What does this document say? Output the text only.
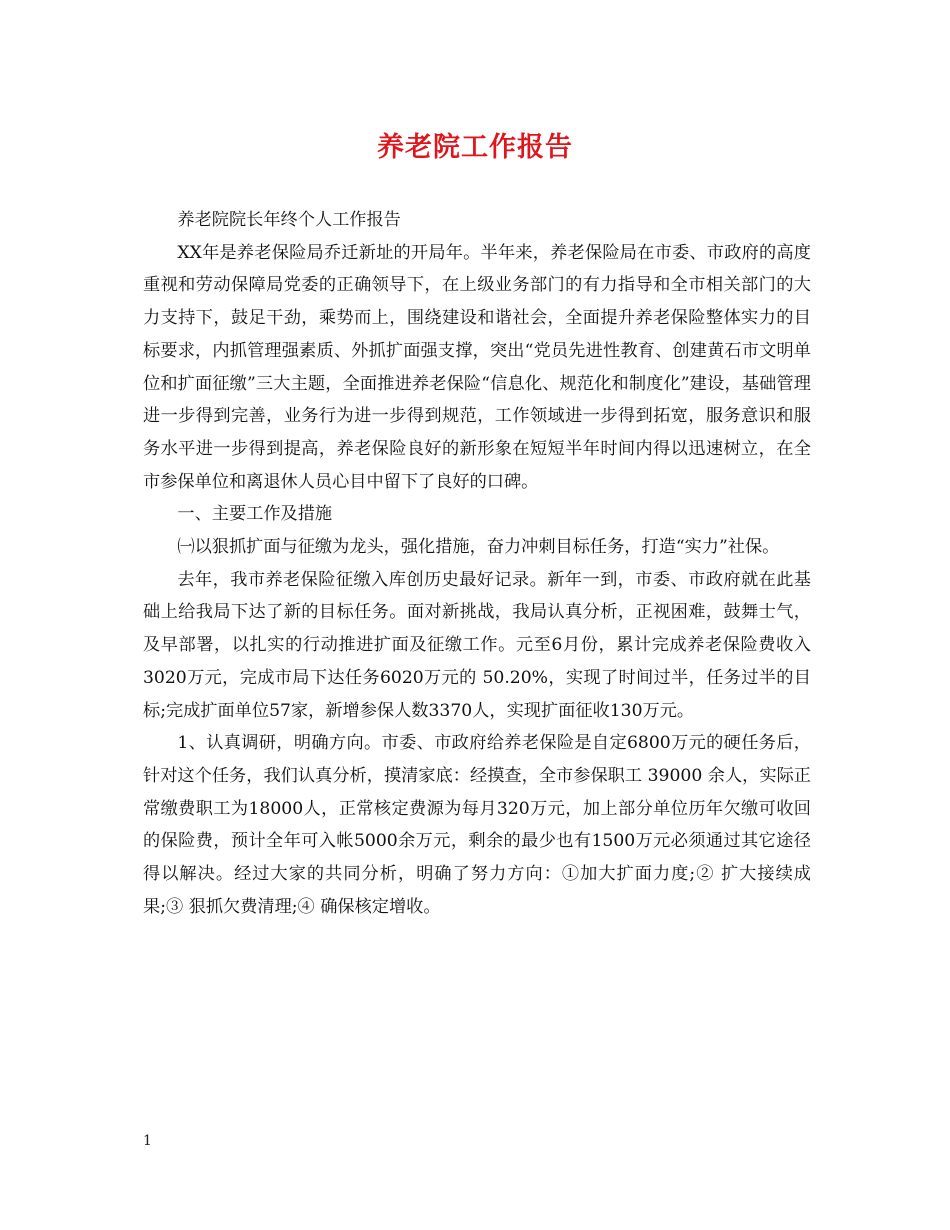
养老院工作报告

养老院院长年终个人工作报告

XX年是养老保险局乔迁新址的开局年。半年来，养老保险局在市委、市政府的高度重视和劳动保障局党委的正确领导下，在上级业务部门的有力指导和全市相关部门的大力支持下，鼓足干劲，乘势而上，围绕建设和谐社会，全面提升养老保险整体实力的目标要求，内抓管理强素质、外抓扩面强支撑，突出“党员先进性教育、创建黄石市文明单位和扩面征缴”三大主题，全面推进养老保险“信息化、规范化和制度化”建设，基础管理进一步得到完善，业务行为进一步得到规范，工作领域进一步得到拓宽，服务意识和服务水平进一步得到提高，养老保险良好的新形象在短短半年时间内得以迅速树立，在全市参保单位和离退休人员心目中留下了良好的口碑。

一、主要工作及措施

㈠以狠抓扩面与征缴为龙头，强化措施，奋力冲刺目标任务，打造“实力”社保。

去年，我市养老保险征缴入库创历史最好记录。新年一到，市委、市政府就在此基础上给我局下达了新的目标任务。面对新挑战，我局认真分析，正视困难，鼓舞士气，及早部署，以扎实的行动推进扩面及征缴工作。元至6月份，累计完成养老保险费收入3020万元，完成市局下达任务6020万元的 50.20%，实现了时间过半，任务过半的目标;完成扩面单位57家，新增参保人数3370人，实现扩面征收130万元。

1、认真调研，明确方向。市委、市政府给养老保险是自定6800万元的硬任务后，针对这个任务，我们认真分析，摸清家底：经摸查，全市参保职工 39000 余人，实际正常缴费职工为18000人，正常核定费源为每月320万元，加上部分单位历年欠缴可收回的保险费，预计全年可入帐5000余万元，剩余的最少也有1500万元必须通过其它途径得以解决。经过大家的共同分析，明确了努力方向：①加大扩面力度;② 扩大接续成果;③ 狠抓欠费清理;④ 确保核定增收。

1
